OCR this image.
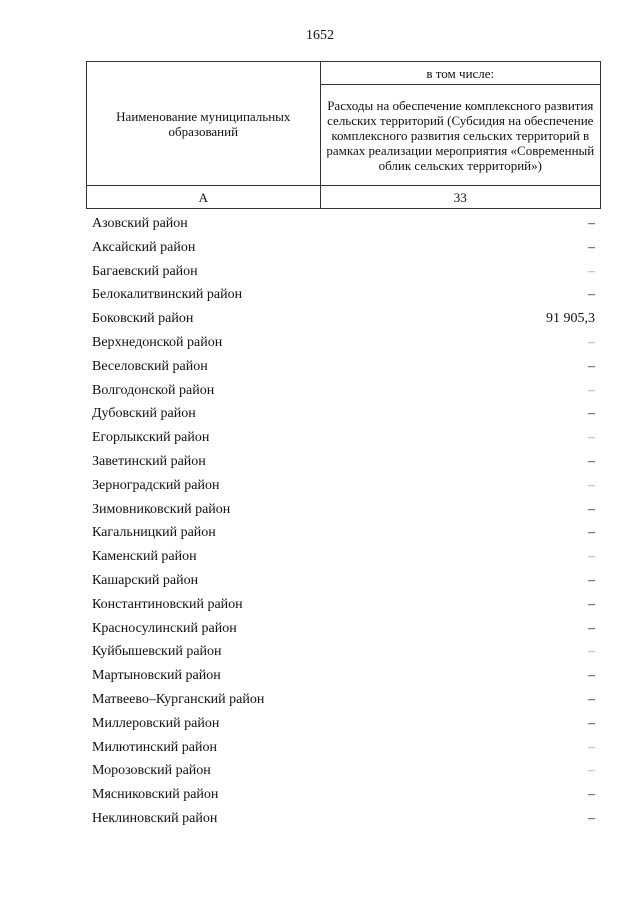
1652
Наименование муниципальных образований	в том числе:
	Расходы на обеспечение комплексного развития сельских территорий (Субсидия на обеспечение комплексного развития сельских территорий в рамках реализации мероприятия «Современный облик сельских территорий»)
А	33
Азовский район	–
Аксайский район	–
Багаевский район	–
Белокалитвинский район	–
Боковский район	91 905,3
Верхнедонской район	–
Веселовский район	–
Волгодонской район	–
Дубовский район	–
Егорлыкский район	–
Заветинский район	–
Зерноградский район	–
Зимовниковский район	–
Кагальницкий район	–
Каменский район	–
Кашарский район	–
Константиновский район	–
Красносулинский район	–
Куйбышевский район	–
Мартыновский район	–
Матвеево–Курганский район	–
Миллеровский район	–
Милютинский район	–
Морозовский район	–
Мясниковский район	–
Неклиновский район	–
